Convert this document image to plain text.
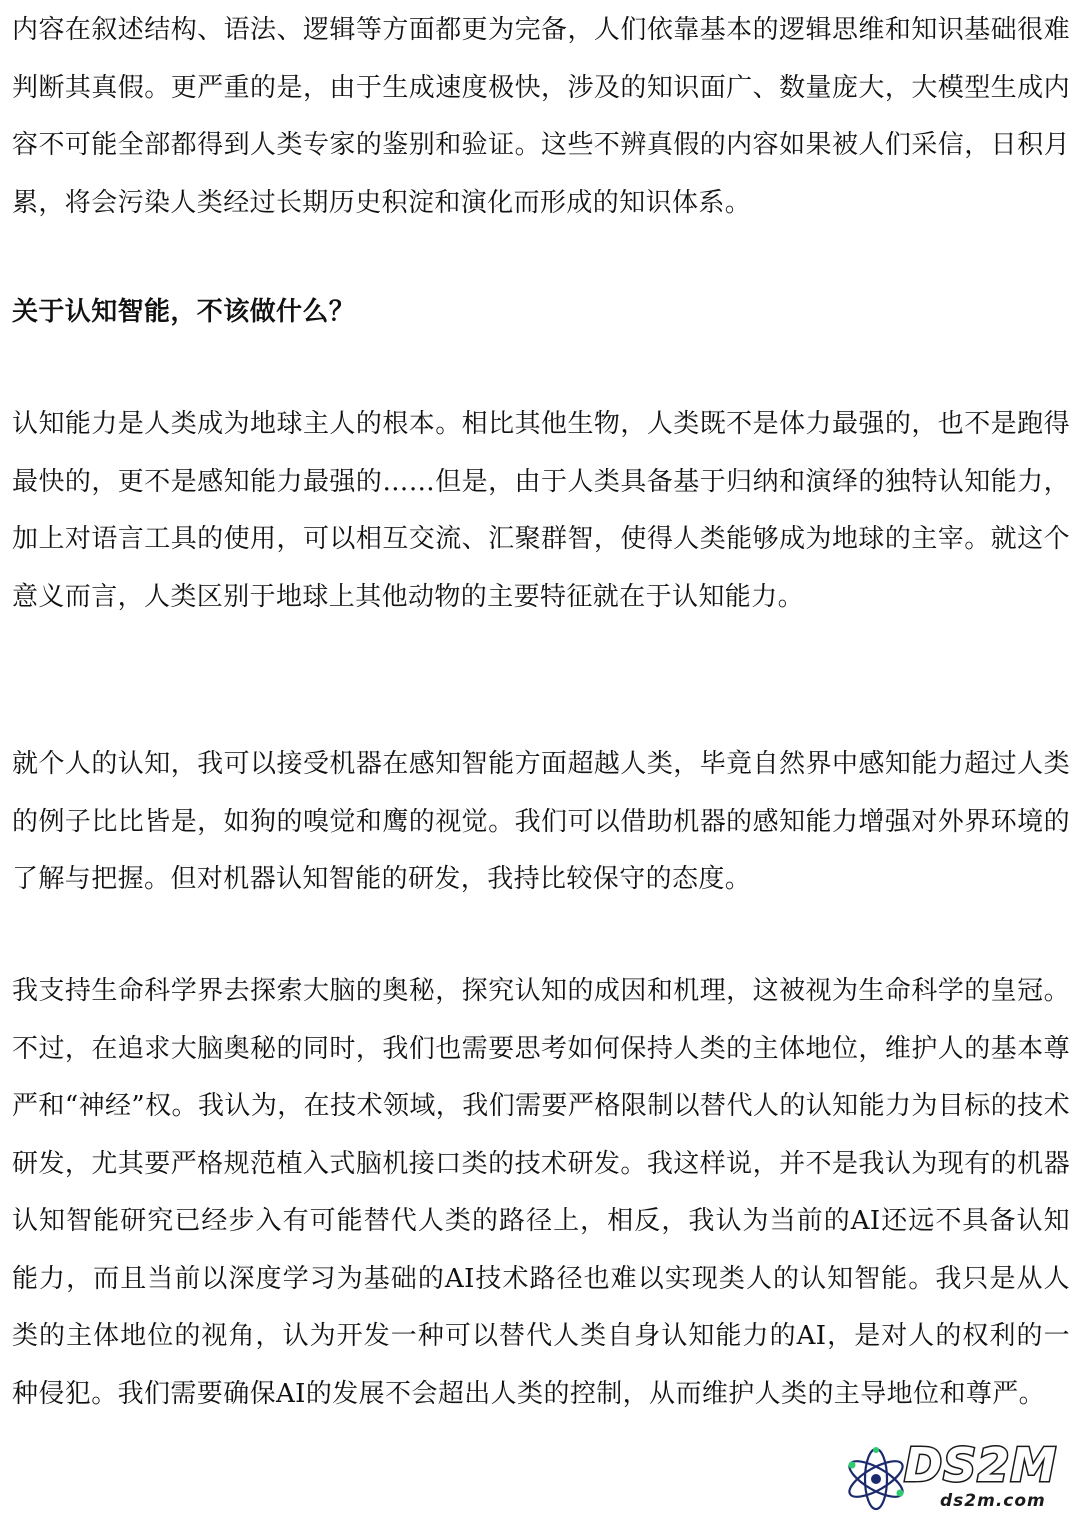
内容在叙述结构、语法、逻辑等方面都更为完备，人们依靠基本的逻辑思维和知识基础很难判断其真假。更严重的是，由于生成速度极快，涉及的知识面广、数量庞大，大模型生成内容不可能全部都得到人类专家的鉴别和验证。这些不辨真假的内容如果被人们采信，日积月累，将会污染人类经过长期历史积淀和演化而形成的知识体系。

关于认知智能，不该做什么？

认知能力是人类成为地球主人的根本。相比其他生物，人类既不是体力最强的，也不是跑得最快的，更不是感知能力最强的……但是，由于人类具备基于归纳和演绎的独特认知能力，加上对语言工具的使用，可以相互交流、汇聚群智，使得人类能够成为地球的主宰。就这个意义而言，人类区别于地球上其他动物的主要特征就在于认知能力。

就个人的认知，我可以接受机器在感知智能方面超越人类，毕竟自然界中感知能力超过人类的例子比比皆是，如狗的嗅觉和鹰的视觉。我们可以借助机器的感知能力增强对外界环境的了解与把握。但对机器认知智能的研发，我持比较保守的态度。

我支持生命科学界去探索大脑的奥秘，探究认知的成因和机理，这被视为生命科学的皇冠。不过，在追求大脑奥秘的同时，我们也需要思考如何保持人类的主体地位，维护人的基本尊严和“神经”权。我认为，在技术领域，我们需要严格限制以替代人的认知能力为目标的技术研发，尤其要严格规范植入式脑机接口类的技术研发。我这样说，并不是我认为现有的机器认知智能研究已经步入有可能替代人类的路径上，相反，我认为当前的AI还远不具备认知能力，而且当前以深度学习为基础的AI技术路径也难以实现类人的认知智能。我只是从人类的主体地位的视角，认为开发一种可以替代人类自身认知能力的AI，是对人的权利的一种侵犯。我们需要确保AI的发展不会超出人类的控制，从而维护人类的主导地位和尊严。

DS2M
ds2m.com
